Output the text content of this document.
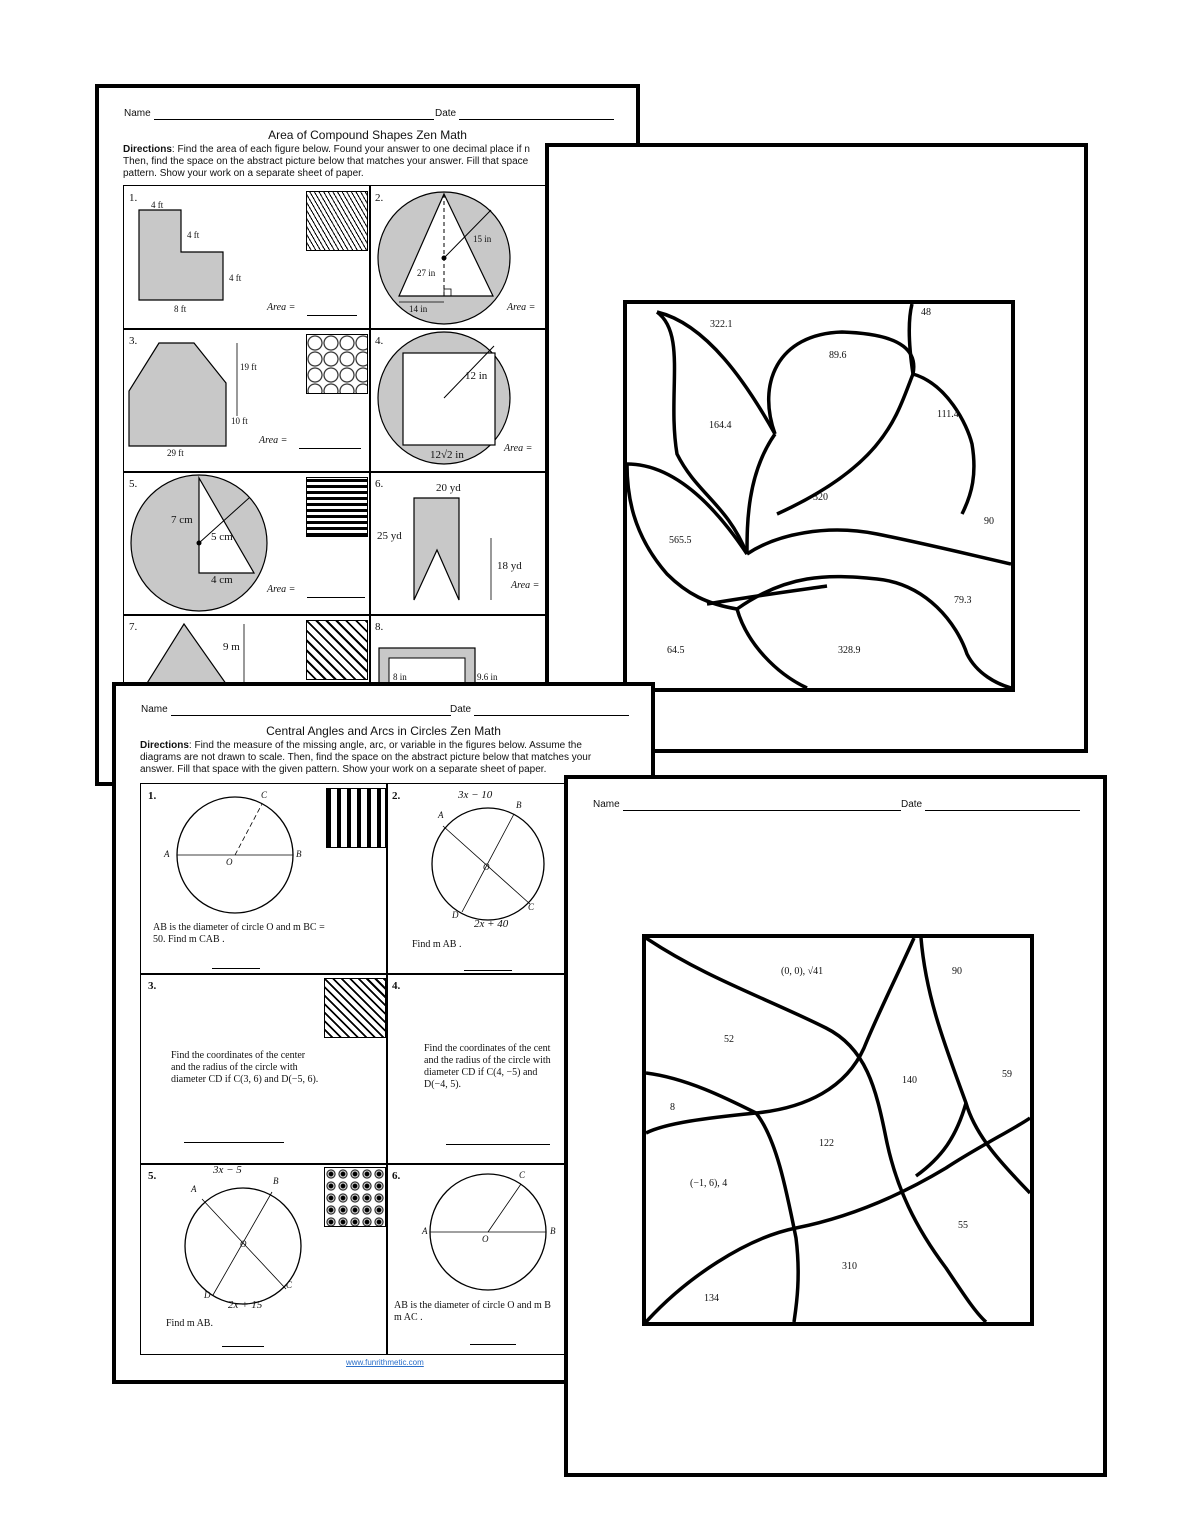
Name	Date
Area of Compound Shapes Zen Math
Directions: Find the area of each figure below. Found your answer to one decimal place if n
Then, find the space on the abstract picture below that matches your answer. Fill that space
pattern. Show your work on a separate sheet of paper.
1.	2.
3.	4.
5.	6.
7.	8.
4 ft
4 ft
4 ft
8 ft
15 in
27 in
14 in
19 ft
10 ft
29 ft
12 in
12√2 in
7 cm
5 cm
4 cm
20 yd
25 yd
18 yd
9 m
8 in	9.6 in
Area =	Area =
Area =
Area =
Area =	Area =
322.1
48
89.6
164.4
111.4
320
90
565.5
79.3
64.5	328.9
Name	Date
Central Angles and Arcs in Circles Zen Math
Directions: Find the measure of the missing angle, arc, or variable in the figures below. Assume the
diagrams are not drawn to scale. Then, find the space on the abstract picture below that matches your
answer. Fill that space with the given pattern. Show your work on a separate sheet of paper.
1.	2.
3.	4.
5.	6.
A	B
C
O
A
B
C
D
O
3x − 10
2x + 40
A
B
C
D
O
3x − 5
2x + 15
A	B
C
O
AB is the diameter of circle O and m BC =
50. Find m CAB .	Find m AB .
Find the coordinates of the center
and the radius of the circle with
diameter CD if C(3, 6) and D(−5, 6).
Find the coordinates of the cent
and the radius of the circle with
diameter CD if C(4, −5) and
D(−4, 5).
Find m AB.
AB is the diameter of circle O and m B
m AC .
www.funrithmetic.com
Name	Date
(0, 0), √41	90
52
140
59
8
122
(−1, 6), 4
55
310
134
